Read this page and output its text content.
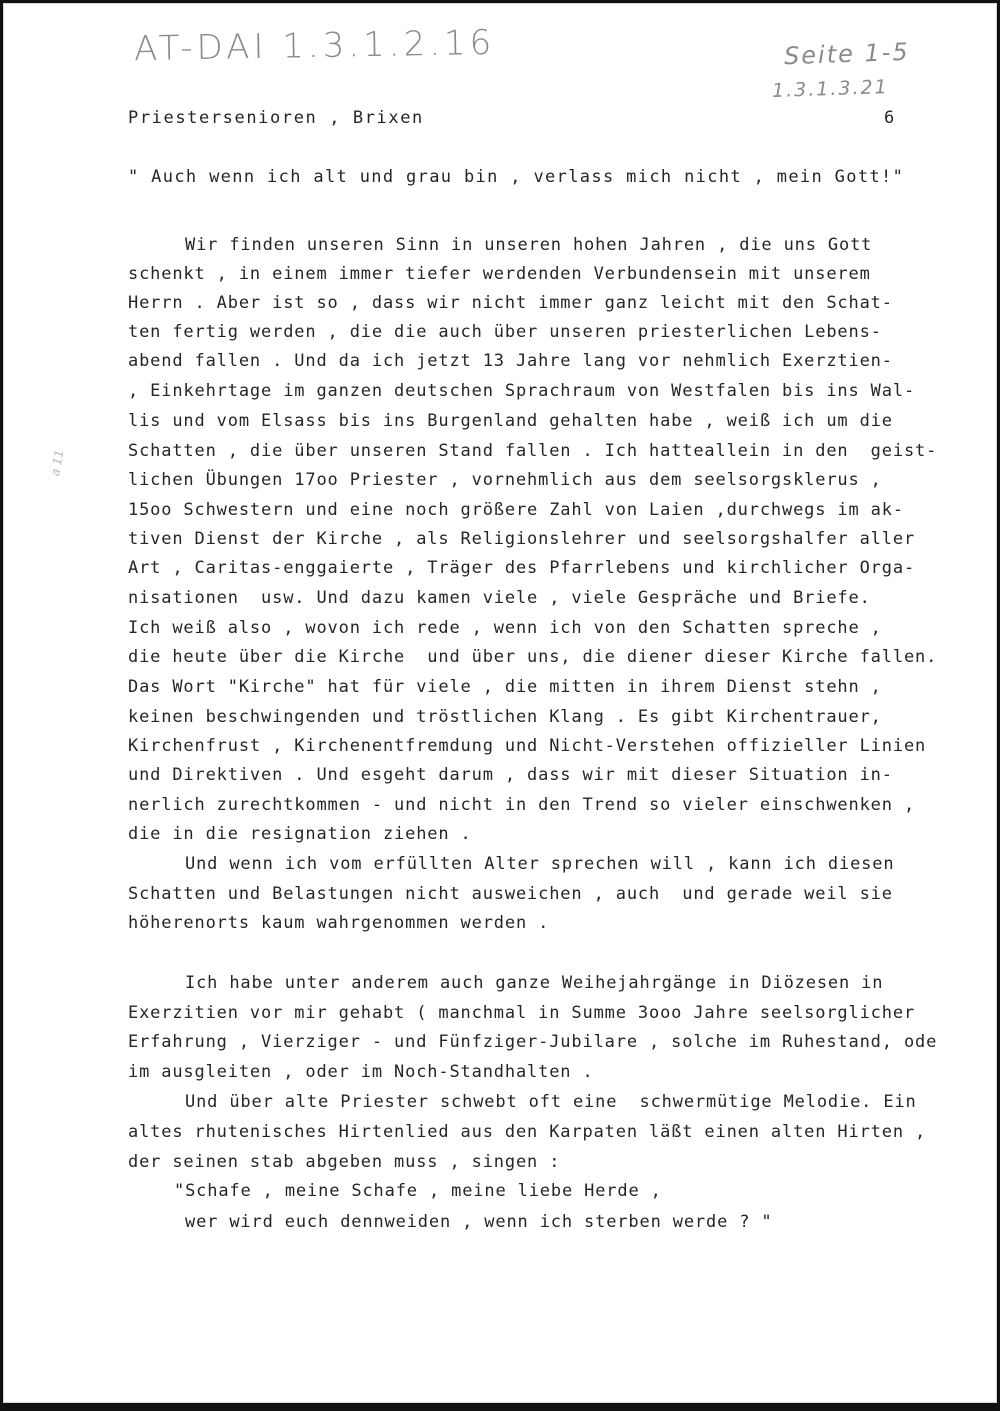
AT-DAI 1.3.1.2.16	Seite 1-5
1.3.1.3.21
a 11
Priestersenioren , Brixen	6
" Auch wenn ich alt und grau bin , verlass mich nicht , mein Gott!"
Wir finden unseren Sinn in unseren hohen Jahren , die uns Gott
schenkt , in einem immer tiefer werdenden Verbundensein mit unserem
Herrn . Aber ist so , dass wir nicht immer ganz leicht mit den Schat-
ten fertig werden , die die auch über unseren priesterlichen Lebens-
abend fallen . Und da ich jetzt 13 Jahre lang vor nehmlich Exerztien-
, Einkehrtage im ganzen deutschen Sprachraum von Westfalen bis ins Wal-
lis und vom Elsass bis ins Burgenland gehalten habe , weiß ich um die
Schatten , die über unseren Stand fallen . Ich hatteallein in den  geist-
lichen Übungen 17oo Priester , vornehmlich aus dem seelsorgsklerus ,
15oo Schwestern und eine noch größere Zahl von Laien ,durchwegs im ak-
tiven Dienst der Kirche , als Religionslehrer und seelsorgshalfer aller
Art , Caritas-enggaierte , Träger des Pfarrlebens und kirchlicher Orga-
nisationen  usw. Und dazu kamen viele , viele Gespräche und Briefe.
Ich weiß also , wovon ich rede , wenn ich von den Schatten spreche ,
die heute über die Kirche  und über uns, die diener dieser Kirche fallen.
Das Wort "Kirche" hat für viele , die mitten in ihrem Dienst stehn ,
keinen beschwingenden und tröstlichen Klang . Es gibt Kirchentrauer,
Kirchenfrust , Kirchenentfremdung und Nicht-Verstehen offizieller Linien
und Direktiven . Und esgeht darum , dass wir mit dieser Situation in-
nerlich zurechtkommen - und nicht in den Trend so vieler einschwenken ,
die in die resignation ziehen .
Und wenn ich vom erfüllten Alter sprechen will , kann ich diesen
Schatten und Belastungen nicht ausweichen , auch  und gerade weil sie
höherenorts kaum wahrgenommen werden .
Ich habe unter anderem auch ganze Weihejahrgänge in Diözesen in
Exerzitien vor mir gehabt ( manchmal in Summe 3ooo Jahre seelsorglicher
Erfahrung , Vierziger - und Fünfziger-Jubilare , solche im Ruhestand, ode
im ausgleiten , oder im Noch-Standhalten .
Und über alte Priester schwebt oft eine  schwermütige Melodie. Ein
altes rhutenisches Hirtenlied aus den Karpaten läßt einen alten Hirten ,
der seinen stab abgeben muss , singen :
"Schafe , meine Schafe , meine liebe Herde ,
wer wird euch dennweiden , wenn ich sterben werde ? "
